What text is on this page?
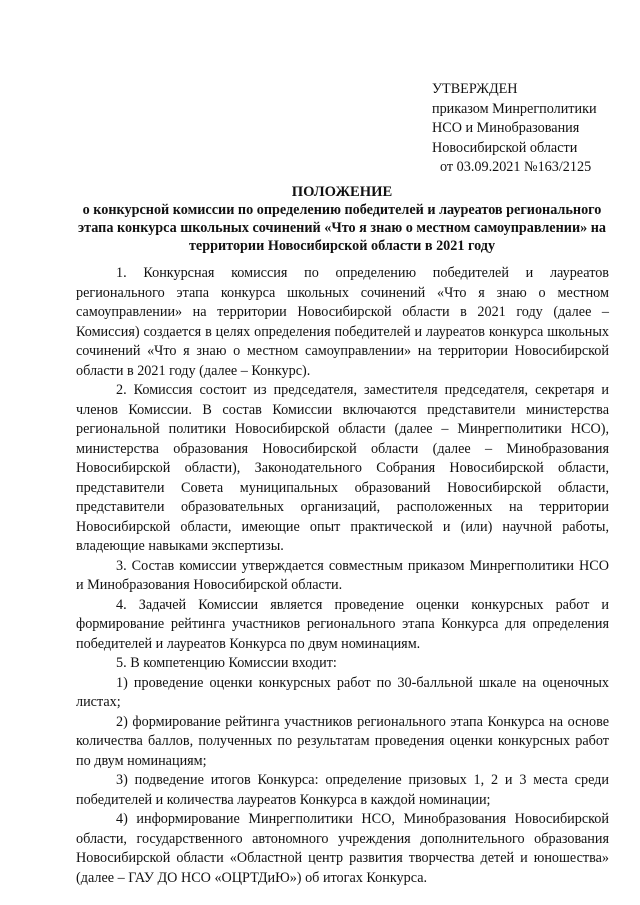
УТВЕРЖДЕН
приказом Минрегполитики
НСО и Минобразования
Новосибирской области
от 03.09.2021 №163/2125
ПОЛОЖЕНИЕ
о конкурсной комиссии по определению победителей и лауреатов регионального этапа конкурса школьных сочинений «Что я знаю о местном самоуправлении» на территории Новосибирской области в 2021 году

1. Конкурсная комиссия по определению победителей и лауреатов регионального этапа конкурса школьных сочинений «Что я знаю о местном самоуправлении» на территории Новосибирской области в 2021 году (далее – Комиссия) создается в целях определения победителей и лауреатов конкурса школьных сочинений «Что я знаю о местном самоуправлении» на территории Новосибирской области в 2021 году (далее – Конкурс).

2. Комиссия состоит из председателя, заместителя председателя, секретаря и членов Комиссии. В состав Комиссии включаются представители министерства региональной политики Новосибирской области (далее – Минрегполитики НСО), министерства образования Новосибирской области (далее – Минобразования Новосибирской области), Законодательного Собрания Новосибирской области, представители Совета муниципальных образований Новосибирской области, представители образовательных организаций, расположенных на территории Новосибирской области, имеющие опыт практической и (или) научной работы, владеющие навыками экспертизы.

3. Состав комиссии утверждается совместным приказом Минрегполитики НСО и Минобразования Новосибирской области.

4. Задачей Комиссии является проведение оценки конкурсных работ и формирование рейтинга участников регионального этапа Конкурса для определения победителей и лауреатов Конкурса по двум номинациям.

5. В компетенцию Комиссии входит:

1) проведение оценки конкурсных работ по 30-балльной шкале на оценочных листах;

2) формирование рейтинга участников регионального этапа Конкурса на основе количества баллов, полученных по результатам проведения оценки конкурсных работ по двум номинациям;

3) подведение итогов Конкурса: определение призовых 1, 2 и 3 места среди победителей и количества лауреатов Конкурса в каждой номинации;

4) информирование Минрегполитики НСО, Минобразования Новосибирской области, государственного автономного учреждения дополнительного образования Новосибирской области «Областной центр развития творчества детей и юношества» (далее – ГАУ ДО НСО «ОЦРТДиЮ») об итогах Конкурса.
